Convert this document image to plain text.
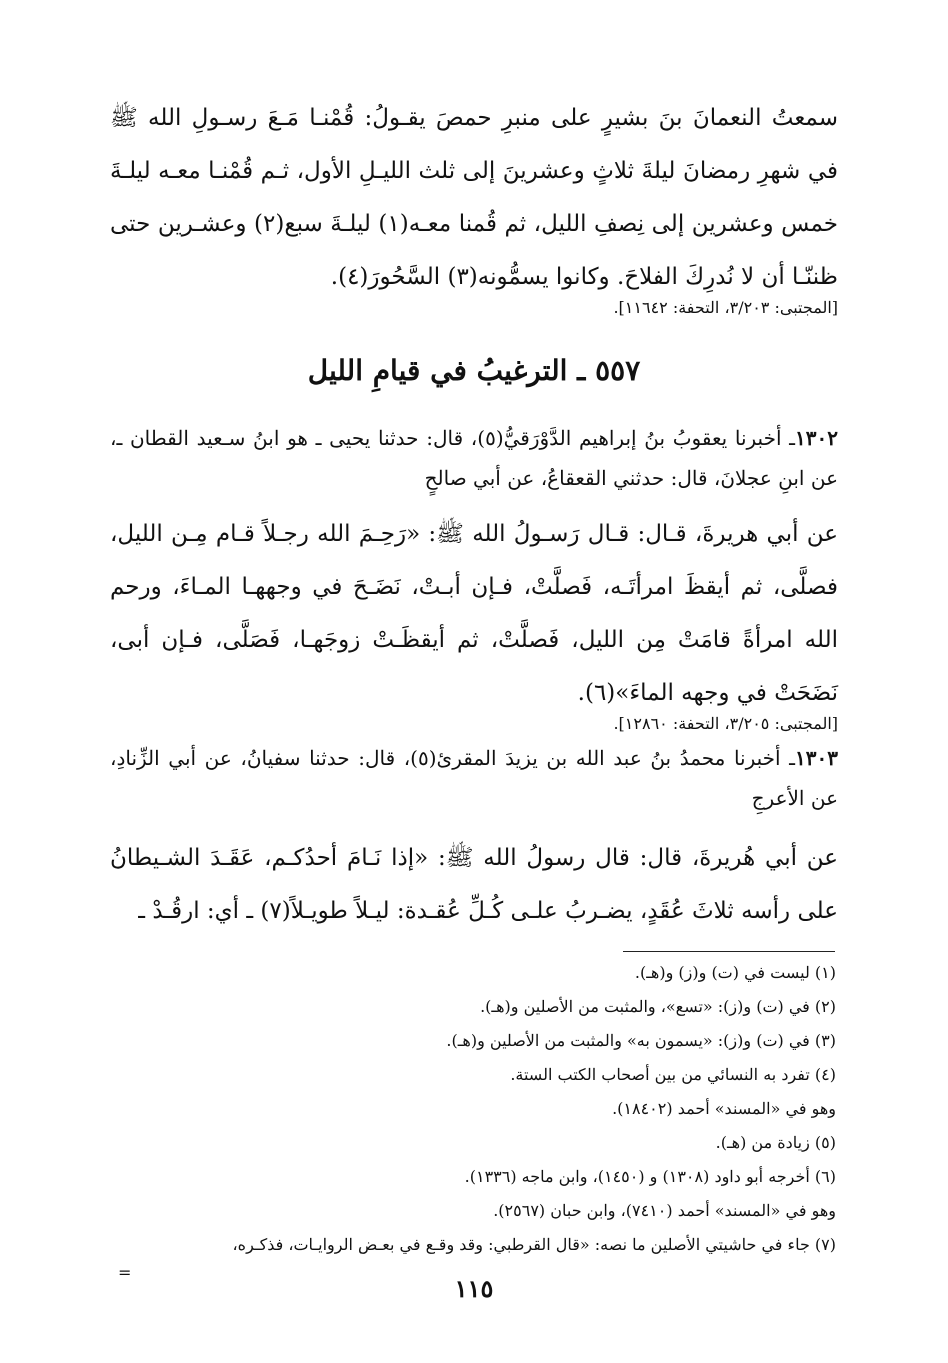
سمعتُ النعمانَ بنَ بشيرٍ على منبرِ حمصَ يقـولُ: قُمْنـا مَـعَ رسـولِ الله ﷺ في شهرِ رمضانَ ليلةَ ثلاثٍ وعشرينَ إلى ثلث الليـلِ الأول، ثـم قُمْنـا معـه ليلـةَ خمس وعشرين إلى نِصفِ الليل، ثم قُمنا معـه(١) ليلـةَ سبع(٢) وعشـرين حتى ظننّـا أن لا نُدرِكَ الفلاحَ. وكانوا يسمُّونه(٣) السَّحُورَ(٤).

[المجتبى: ٣/٢٠٣، التحفة: ١١٦٤٢].
٥٥٧ ـ الترغيبُ في قيامِ الليل
١٣٠٢ـ أخبرنا يعقوبُ بنُ إبراهيم الدَّوْرَقيُّ(٥)، قال: حدثنا يحيى ـ هو ابنُ سـعيد القطان ـ، عن ابنِ عجلانَ، قال: حدثني القعقاعُ، عن أبي صالحٍ

عن أبي هريرةَ، قـال: قـال رَسـولُ الله ﷺ: «رَحِـمَ الله رجـلاً قـام مِـن الليل، فصلَّى، ثم أيقظَ امرأتَـه، فَصلَّتْ، فـإن أبـتْ، نَضَـحَ في وجههـا المـاءَ، ورحم الله امرأةً قامَتْ مِن الليل، فَصلَّتْ، ثم أيقظَـتْ زوجَهـا، فَصَلَّى، فـإن أبى، نَضَحَتْ في وجهه الماءَ»(٦).

[المجتبى: ٣/٢٠٥، التحفة: ١٢٨٦٠].
١٣٠٣ـ أخبرنا محمدُ بنُ عبد الله بن يزيدَ المقرئ(٥)، قال: حدثنا سفيانُ، عن أبي الزِّنادِ، عن الأعرجِ

عن أبي هُريرةَ، قال: قال رسولُ الله ﷺ: «إذا نَـامَ أحدُكـم، عَقَـدَ الشـيطانُ على رأسه ثلاثَ عُقَدٍ، يضـربُ علـى كُـلِّ عُقـدة: ليـلاً طويـلاً(٧) ـ أي: ارقُـدْ ـ

(١) ليست في (ت) و(ز) و(هـ).
(٢) في (ت) و(ز): «تسع»، والمثبت من الأصلين و(هـ).
(٣) في (ت) و(ز): «يسمون به» والمثبت من الأصلين و(هـ).
(٤) تفرد به النسائي من بين أصحاب الكتب الستة.
وهو في «المسند» أحمد (١٨٤٠٢).
(٥) زيادة من (هـ).
(٦) أخرجه أبو داود (١٣٠٨) و (١٤٥٠)، وابن ماجه (١٣٣٦).
وهو في «المسند» أحمد (٧٤١٠)، وابن حبان (٢٥٦٧).
(٧) جاء في حاشيتي الأصلين ما نصه: «قال القرطبي: وقد وقـع في بعـض الروايـات، فذكـره،
=
١١٥
